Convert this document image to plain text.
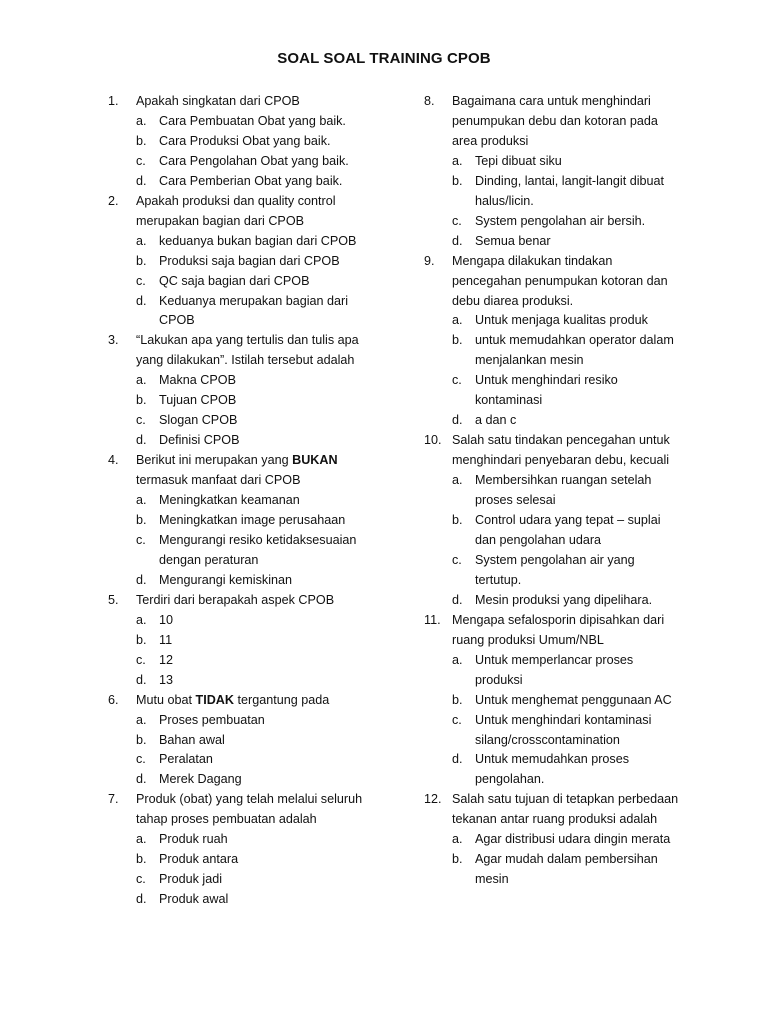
SOAL SOAL TRAINING CPOB
1. Apakah singkatan dari CPOB
a. Cara Pembuatan Obat yang baik.
b. Cara Produksi Obat yang baik.
c. Cara Pengolahan Obat yang baik.
d. Cara Pemberian Obat yang baik.
2. Apakah produksi dan quality control merupakan bagian dari CPOB
a. keduanya bukan bagian dari CPOB
b. Produksi saja bagian dari CPOB
c. QC saja bagian dari CPOB
d. Keduanya merupakan bagian dari CPOB
3. “Lakukan apa yang tertulis dan tulis apa yang dilakukan”. Istilah tersebut adalah
a. Makna CPOB
b. Tujuan CPOB
c. Slogan CPOB
d. Definisi CPOB
4. Berikut ini merupakan yang BUKAN termasuk manfaat dari CPOB
a. Meningkatkan keamanan
b. Meningkatkan image perusahaan
c. Mengurangi resiko ketidaksesuaian dengan peraturan
d. Mengurangi kemiskinan
5. Terdiri dari berapakah aspek CPOB
a. 10
b. 11
c. 12
d. 13
6. Mutu obat TIDAK tergantung pada
a. Proses pembuatan
b. Bahan awal
c. Peralatan
d. Merek Dagang
7. Produk (obat) yang telah melalui seluruh tahap proses pembuatan adalah
a. Produk ruah
b. Produk antara
c. Produk jadi
d. Produk awal
8. Bagaimana cara untuk menghindari penumpukan debu dan kotoran pada area produksi
a. Tepi dibuat siku
b. Dinding, lantai, langit-langit dibuat halus/licin.
c. System pengolahan air bersih.
d. Semua benar
9. Mengapa dilakukan tindakan pencegahan penumpukan kotoran dan debu diarea produksi.
a. Untuk menjaga kualitas produk
b. untuk memudahkan operator dalam menjalankan mesin
c. Untuk menghindari resiko kontaminasi
d. a dan c
10. Salah satu tindakan pencegahan untuk menghindari penyebaran debu, kecuali
a. Membersihkan ruangan setelah proses selesai
b. Control udara yang tepat – suplai dan pengolahan udara
c. System pengolahan air yang tertutup.
d. Mesin produksi yang dipelihara.
11. Mengapa sefalosporin dipisahkan dari ruang produksi Umum/NBL
a. Untuk memperlancar proses produksi
b. Untuk menghemat penggunaan AC
c. Untuk menghindari kontaminasi silang/crosscontamination
d. Untuk memudahkan proses pengolahan.
12. Salah satu tujuan di tetapkan perbedaan tekanan antar ruang produksi adalah
a. Agar distribusi udara dingin merata
b. Agar mudah dalam pembersihan mesin
